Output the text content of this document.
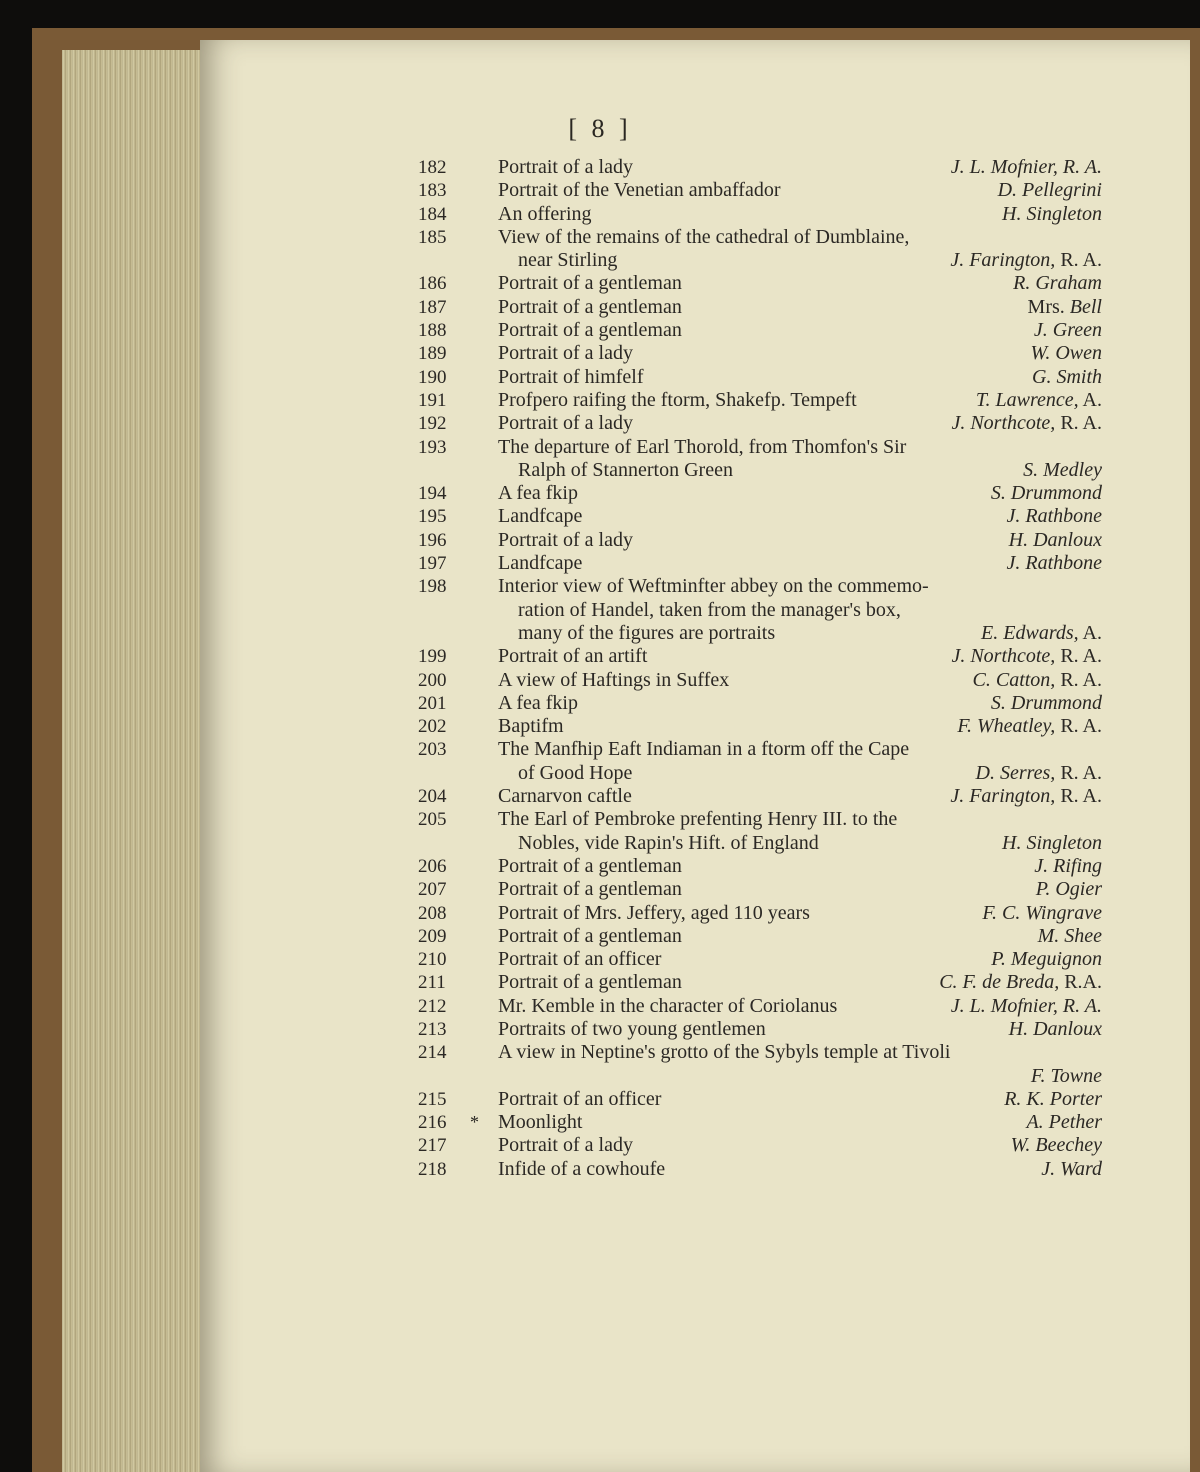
[ 8 ]
182	Portrait of a lady	J. L. Mofnier, R. A.
183	Portrait of the Venetian ambaffador	D. Pellegrini
184	An offering	H. Singleton
185	View of the remains of the cathedral of Dumblaine,
near Stirling	J. Farington, R. A.
186	Portrait of a gentleman	R. Graham
187	Portrait of a gentleman	Mrs. Bell
188	Portrait of a gentleman	J. Green
189	Portrait of a lady	W. Owen
190	Portrait of himfelf	G. Smith
191	Profpero raifing the ftorm, Shakefp. Tempeft	T. Lawrence, A.
192	Portrait of a lady	J. Northcote, R. A.
193	The departure of Earl Thorold, from Thomfon's Sir
Ralph of Stannerton Green	S. Medley
194	A fea fkip	S. Drummond
195	Landfcape	J. Rathbone
196	Portrait of a lady	H. Danloux
197	Landfcape	J. Rathbone
198	Interior view of Weftminfter abbey on the commemo-
ration of Handel, taken from the manager's box,
many of the figures are portraits	E. Edwards, A.
199	Portrait of an artift	J. Northcote, R. A.
200	A view of Haftings in Suffex	C. Catton, R. A.
201	A fea fkip	S. Drummond
202	Baptifm	F. Wheatley, R. A.
203	The Manfhip Eaft Indiaman in a ftorm off the Cape
of Good Hope	D. Serres, R. A.
204	Carnarvon caftle	J. Farington, R. A.
205	The Earl of Pembroke prefenting Henry III. to the
Nobles, vide Rapin's Hift. of England	H. Singleton
206	Portrait of a gentleman	J. Rifing
207	Portrait of a gentleman	P. Ogier
208	Portrait of Mrs. Jeffery, aged 110 years	F. C. Wingrave
209	Portrait of a gentleman	M. Shee
210	Portrait of an officer	P. Meguignon
211	Portrait of a gentleman	C. F. de Breda, R.A.
212	Mr. Kemble in the character of Coriolanus	J. L. Mofnier, R. A.
213	Portraits of two young gentlemen	H. Danloux
214	A view in Neptine's grotto of the Sybyls temple at Tivoli
F. Towne
215	Portrait of an officer	R. K. Porter
216	* Moonlight	A. Pether
217	Portrait of a lady	W. Beechey
218	Infide of a cowhoufe	J. Ward
